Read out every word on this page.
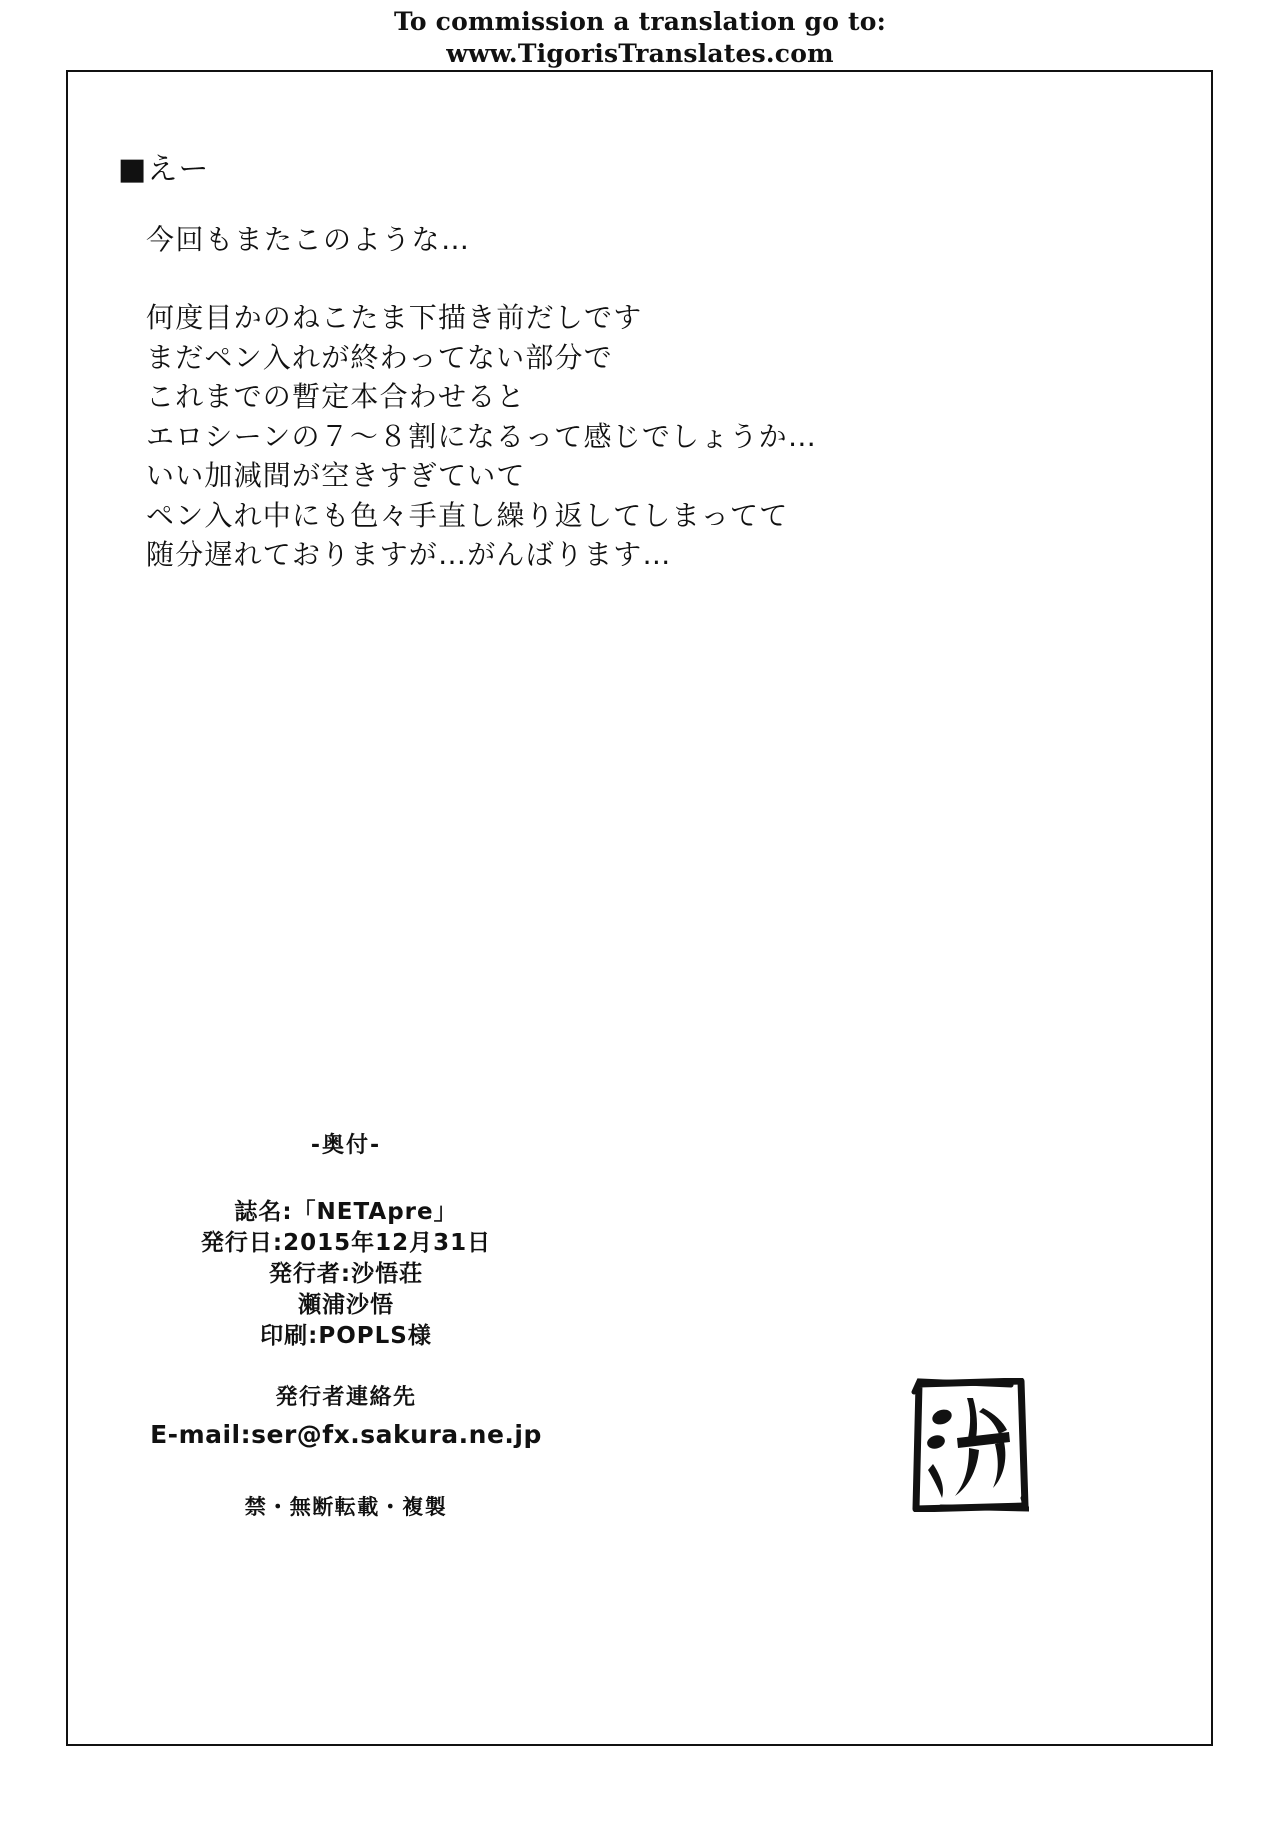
To commission a translation go to:
www.TigorisTranslates.com
■えー
今回もまたこのような…
何度目かのねこたま下描き前だしです
まだペン入れが終わってない部分で
これまでの暫定本合わせると
エロシーンの７～８割になるって感じでしょうか…
いい加減間が空きすぎていて
ペン入れ中にも色々手直し繰り返してしまってて
随分遅れておりますが…がんばります…
-奥付-
誌名:「NETApre」
発行日:2015年12月31日
発行者:沙悟荘
瀬浦沙悟
印刷:POPLS様
発行者連絡先
E-mail:ser@fx.sakura.ne.jp
禁・無断転載・複製
